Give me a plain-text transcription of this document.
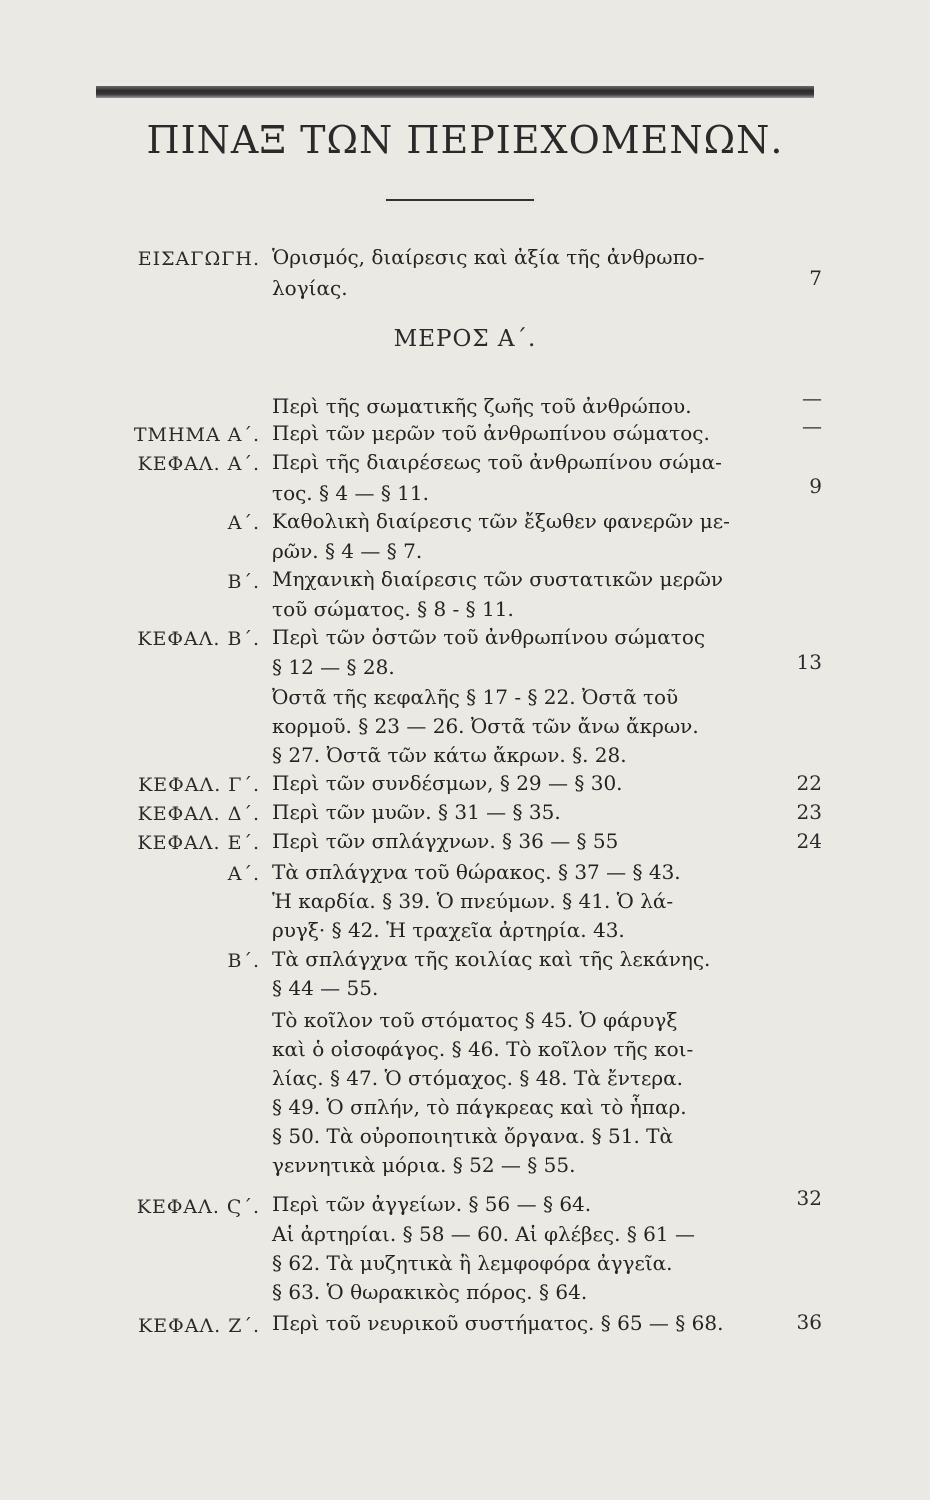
ΠΙΝΑΞ ΤΩΝ ΠΕΡΙΕΧΟΜΕΝΩΝ.
ΕΙΣΑΓΩΓΗ. Ὁρισμός, διαίρεσις καὶ ἀξία τῆς ἀνθρωπο-
λογίας.	7
ΜΕΡΟΣ Α΄.
Περὶ τῆς σωματικῆς ζωῆς τοῦ ἀνθρώπου.	—
ΤΜΗΜΑ Α΄. Περὶ τῶν μερῶν τοῦ ἀνθρωπίνου σώματος.	—
ΚΕΦΑΛ. Α΄. Περὶ τῆς διαιρέσεως τοῦ ἀνθρωπίνου σώμα-
τος. § 4 — § 11.	9
Α΄. Καθολικὴ διαίρεσις τῶν ἔξωθεν φανερῶν με-
ρῶν. § 4 — § 7.
Β΄. Μηχανικὴ διαίρεσις τῶν συστατικῶν μερῶν
τοῦ σώματος. § 8 - § 11.
ΚΕΦΑΛ. Β΄. Περὶ τῶν ὀστῶν τοῦ ἀνθρωπίνου σώματος
§ 12 — § 28.	13
Ὀστᾶ τῆς κεφαλῆς § 17 - § 22. Ὀστᾶ τοῦ
κορμοῦ. § 23 — 26. Ὀστᾶ τῶν ἄνω ἄκρων.
§ 27. Ὀστᾶ τῶν κάτω ἄκρων. §. 28.
ΚΕΦΑΛ. Γ΄. Περὶ τῶν συνδέσμων, § 29 — § 30.	22
ΚΕΦΑΛ. Δ΄. Περὶ τῶν μυῶν. § 31 — § 35.	23
ΚΕΦΑΛ. Ε΄. Περὶ τῶν σπλάγχνων. § 36 — § 55	24
Α΄. Τὰ σπλάγχνα τοῦ θώρακος. § 37 — § 43.
Ἡ καρδία. § 39. Ὁ πνεύμων. § 41. Ὁ λά-
ρυγξ· § 42. Ἡ τραχεῖα ἀρτηρία. 43.
Β΄. Τὰ σπλάγχνα τῆς κοιλίας καὶ τῆς λεκάνης.
§ 44 — 55.
Τὸ κοῖλον τοῦ στόματος § 45. Ὁ φάρυγξ
καὶ ὁ οἰσοφάγος. § 46. Τὸ κοῖλον τῆς κοι-
λίας. § 47. Ὁ στόμαχος. § 48. Τὰ ἔντερα.
§ 49. Ὁ σπλήν, τὸ πάγκρεας καὶ τὸ ἧπαρ.
§ 50. Τὰ οὐροποιητικὰ ὄργανα. § 51. Τὰ
γεννητικὰ μόρια. § 52 — § 55.
ΚΕΦΑΛ. Ϛ΄. Περὶ τῶν ἀγγείων. § 56 — § 64.	32
Αἱ ἀρτηρίαι. § 58 — 60. Αἱ φλέβες. § 61 —
§ 62. Τὰ μυζητικὰ ἢ λεμφοφόρα ἀγγεῖα.
§ 63. Ὁ θωρακικὸς πόρος. § 64.
ΚΕΦΑΛ. Ζ΄. Περὶ τοῦ νευρικοῦ συστήματος. § 65 — § 68.	36
